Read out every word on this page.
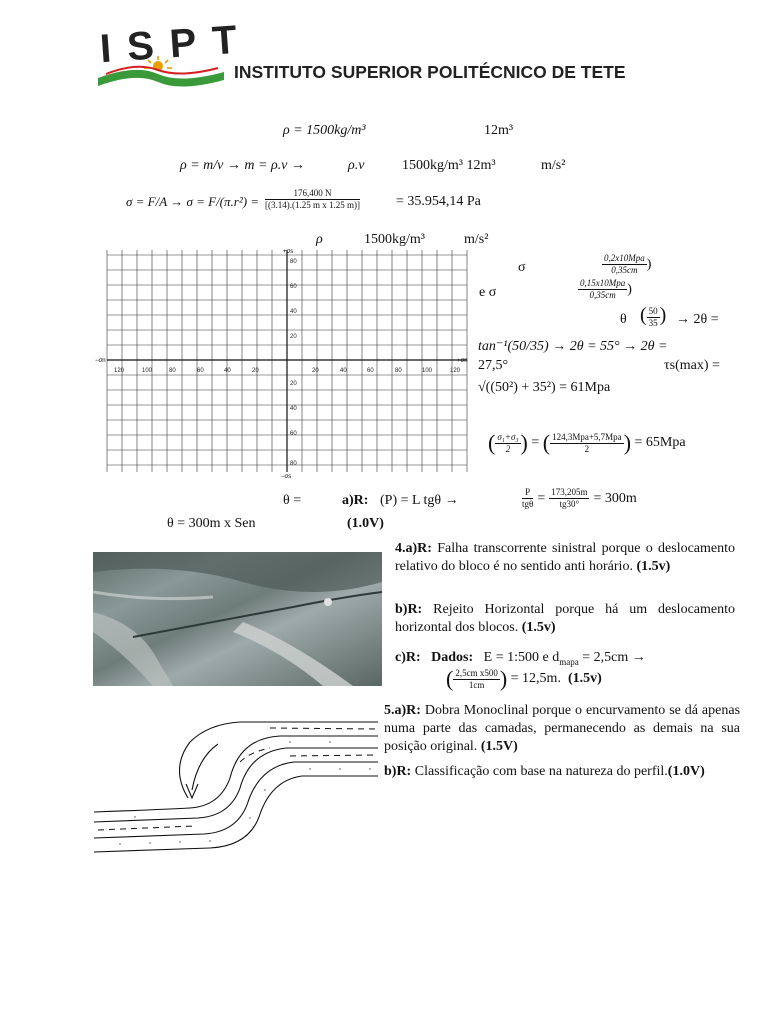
ISPT
INSTITUTO SUPERIOR POLITÉCNICO DE TETE
ρ = 1500kg/m³	12m³
ρ = m/v → m = ρ.v →	ρ.v	1500kg/m³ 12m³	m/s²
$\sigma = F/A \to \sigma = F/(\pi.r^2) = \frac{176,400 N}{\text{[(3.14).(1.25 m x 1.25 m)]}}$	= 35.954,14 Pa
ρ	1500kg/m³	m/s²
120	100	80	60	40	20	20	40	60	80	100	120
80
60
40
20
20
40
60
80
+σs
−σs
−σn	+σn
σ	$\frac{\text{0,2x10Mpa}}{0,35cm}$ )
e σ	$\frac{\text{0,15x10Mpa}}{0,35cm}$ )
θ ( $\frac{50}{35}$ ) → 2θ =
tan⁻¹(50/35) → 2θ = 55° → 2θ =
27,5°	τs(max) =
√((50²) + 35²) = 61Mpa
( $\frac{\text{σ₁+σ₃}}{2}$ ) = ( $\frac{\text{124,3Mpa+5,7Mpa}}{2}$ ) = 65Mpa
θ =	a)R: (P) = L tgθ →	$\frac{P}{\text{tgθ}} = \frac{173,205m}{tg30^\circ} = 300m$
θ = 300m x Sen	(1.0V)
4.a)R: Falha transcorrente sinistral porque o deslocamento relativo do bloco é no sentido anti horário. (1.5v)
b)R: Rejeito Horizontal porque há um deslocamento horizontal dos blocos. (1.5v)
c)R: Dados: E = 1:500 e $d_{mapa} = 2,5cm$ →
( $\frac{\text{2,5cm x500}}{1cm}$ ) = 12,5m. (1.5v)
5.a)R: Dobra Monoclinal porque o encurvamento se dá apenas numa parte das camadas, permanecendo as demais na sua posição original. (1.5V)
b)R: Classificação com base na natureza do perfil.(1.0V)
